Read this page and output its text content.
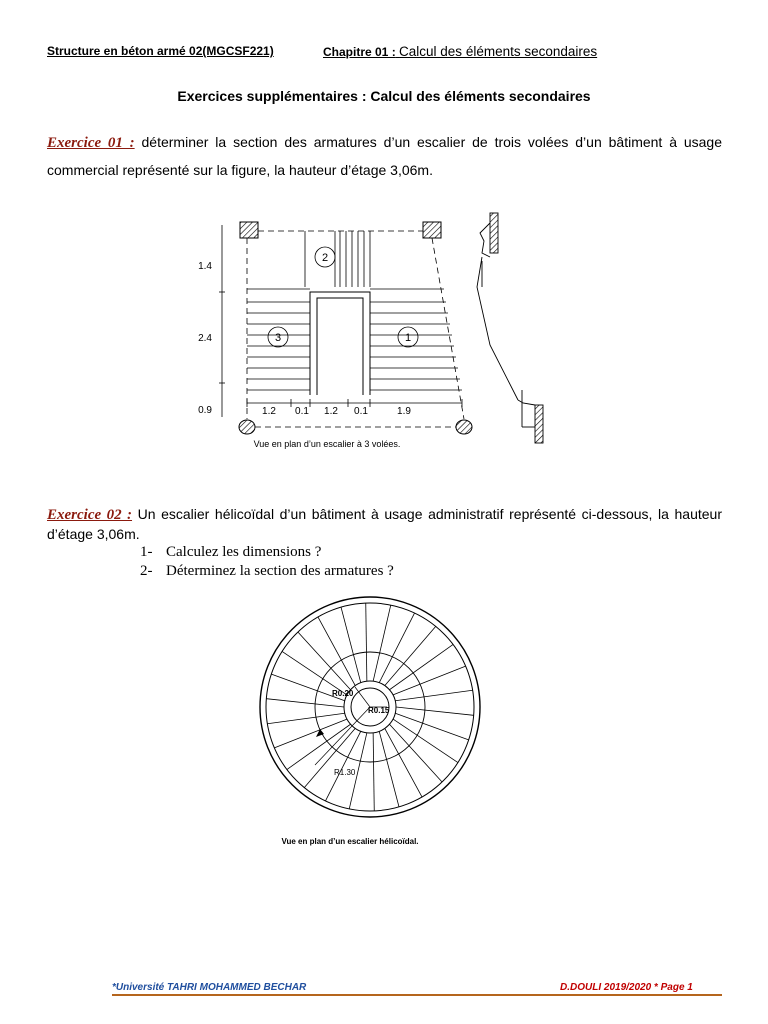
Structure en béton armé 02(MGCSF221)	Chapitre 01 : Calcul des éléments secondaires
Exercices supplémentaires : Calcul des éléments secondaires
Exercice 01 : déterminer la section des armatures d’un escalier de trois volées d’un bâtiment à usage commercial représenté sur la figure, la hauteur d’étage 3,06m.
1.4
2.4
0.9
2
3	1
1.2 0.1 1.2 0.1	1.9
Vue en plan d’un escalier à 3 volées.
Exercice 02 : Un escalier hélicoïdal d’un bâtiment à usage administratif représenté ci-dessous, la hauteur d’étage 3,06m.
1- Calculez les dimensions ?
2- Déterminez la section des armatures ?
R0.20
R0.15
R1.30
Vue en plan d’un escalier hélicoïdal.
*Université TAHRI MOHAMMED BECHAR	D.DOULI 2019/2020 * Page 1
